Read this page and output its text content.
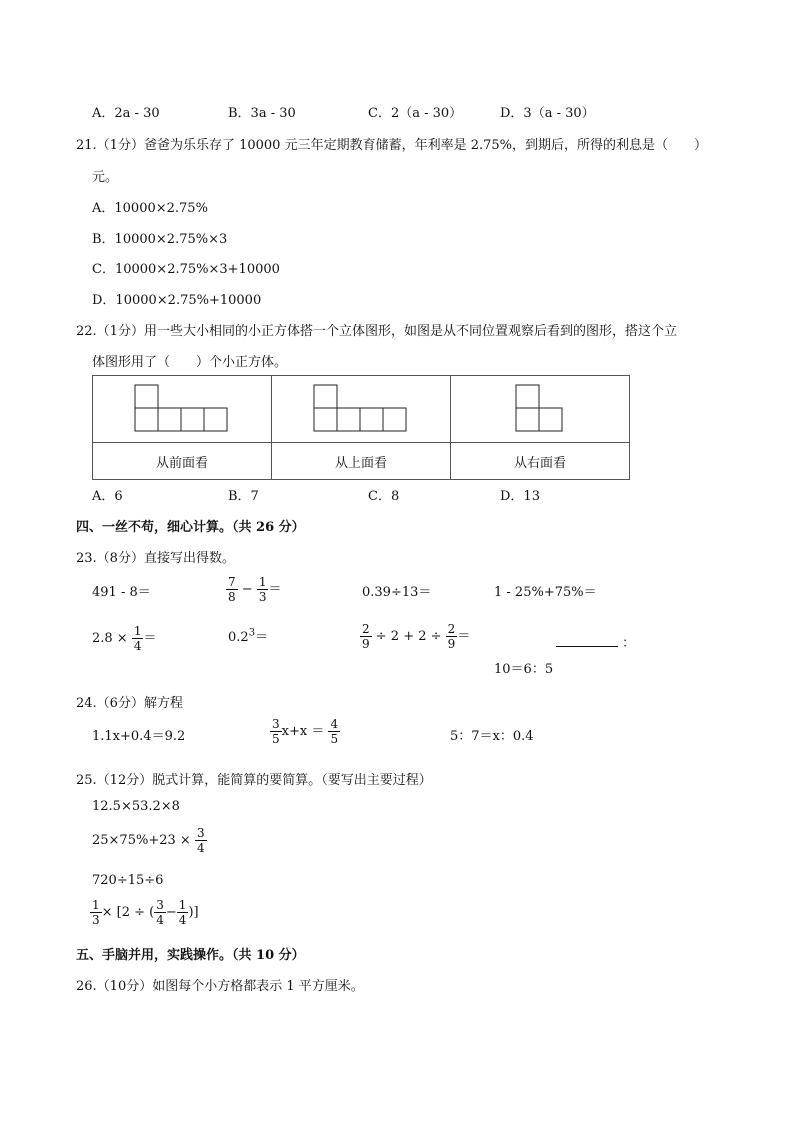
A．2a - 30	B．3a - 30	C．2（a - 30）	D．3（a - 30）
21.（1分）爸爸为乐乐存了 10000 元三年定期教育储蓄，年利率是 2.75%，到期后，所得的利息是（　　）
元。
A．10000×2.75%
B．10000×2.75%×3
C．10000×2.75%×3+10000
D．10000×2.75%+10000
22.（1分）用一些大小相同的小正方体搭一个立体图形，如图是从不同位置观察后看到的图形，搭这个立
体图形用了（　　）个小正方体。

从前面看	从上面看	从右面看
A．6	B．7	C．8	D．13
四、一丝不苟，细心计算。（共 26 分）
23.（8分）直接写出得数。
491 - 8＝	$\frac{7}{8} - \frac{1}{3}$ ＝	0.39÷13＝	1 - 25%+75%＝
$2.8 \times \frac{1}{4}$ ＝	$0.2^3=$	$\frac{2}{9} \div 2 + 2 \div \frac{2}{9}$ ＝	：
10＝6：5
24.（6分）解方程
1.1x+0.4＝9.2	$\frac{3}{5} x+x = \frac{4}{5}$	5：7＝x：0.4
25.（12分）脱式计算，能简算的要简算。（要写出主要过程）
12.5×53.2×8
$25\times 75\%+23 \times \frac{3}{4}$
720÷15÷6
$\frac{1}{3} \times [2$ ÷ ( $\frac{3}{4} - \frac{1}{4}$ )]
五、手脑并用，实践操作。（共 10 分）
26.（10分）如图每个小方格都表示 1 平方厘米。
